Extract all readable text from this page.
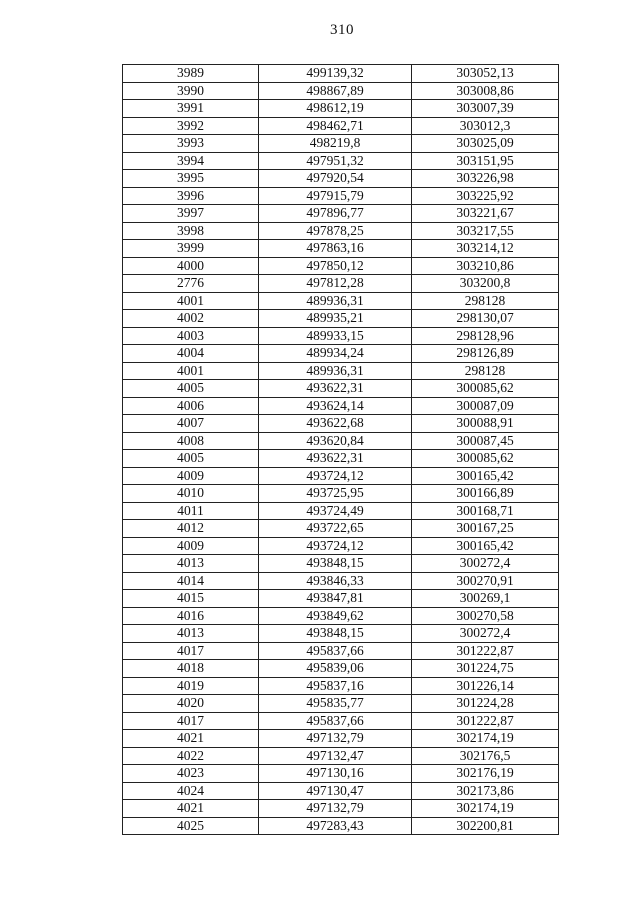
310
3989	499139,32	303052,13
3990	498867,89	303008,86
3991	498612,19	303007,39
3992	498462,71	303012,3
3993	498219,8	303025,09
3994	497951,32	303151,95
3995	497920,54	303226,98
3996	497915,79	303225,92
3997	497896,77	303221,67
3998	497878,25	303217,55
3999	497863,16	303214,12
4000	497850,12	303210,86
2776	497812,28	303200,8
4001	489936,31	298128
4002	489935,21	298130,07
4003	489933,15	298128,96
4004	489934,24	298126,89
4001	489936,31	298128
4005	493622,31	300085,62
4006	493624,14	300087,09
4007	493622,68	300088,91
4008	493620,84	300087,45
4005	493622,31	300085,62
4009	493724,12	300165,42
4010	493725,95	300166,89
4011	493724,49	300168,71
4012	493722,65	300167,25
4009	493724,12	300165,42
4013	493848,15	300272,4
4014	493846,33	300270,91
4015	493847,81	300269,1
4016	493849,62	300270,58
4013	493848,15	300272,4
4017	495837,66	301222,87
4018	495839,06	301224,75
4019	495837,16	301226,14
4020	495835,77	301224,28
4017	495837,66	301222,87
4021	497132,79	302174,19
4022	497132,47	302176,5
4023	497130,16	302176,19
4024	497130,47	302173,86
4021	497132,79	302174,19
4025	497283,43	302200,81
